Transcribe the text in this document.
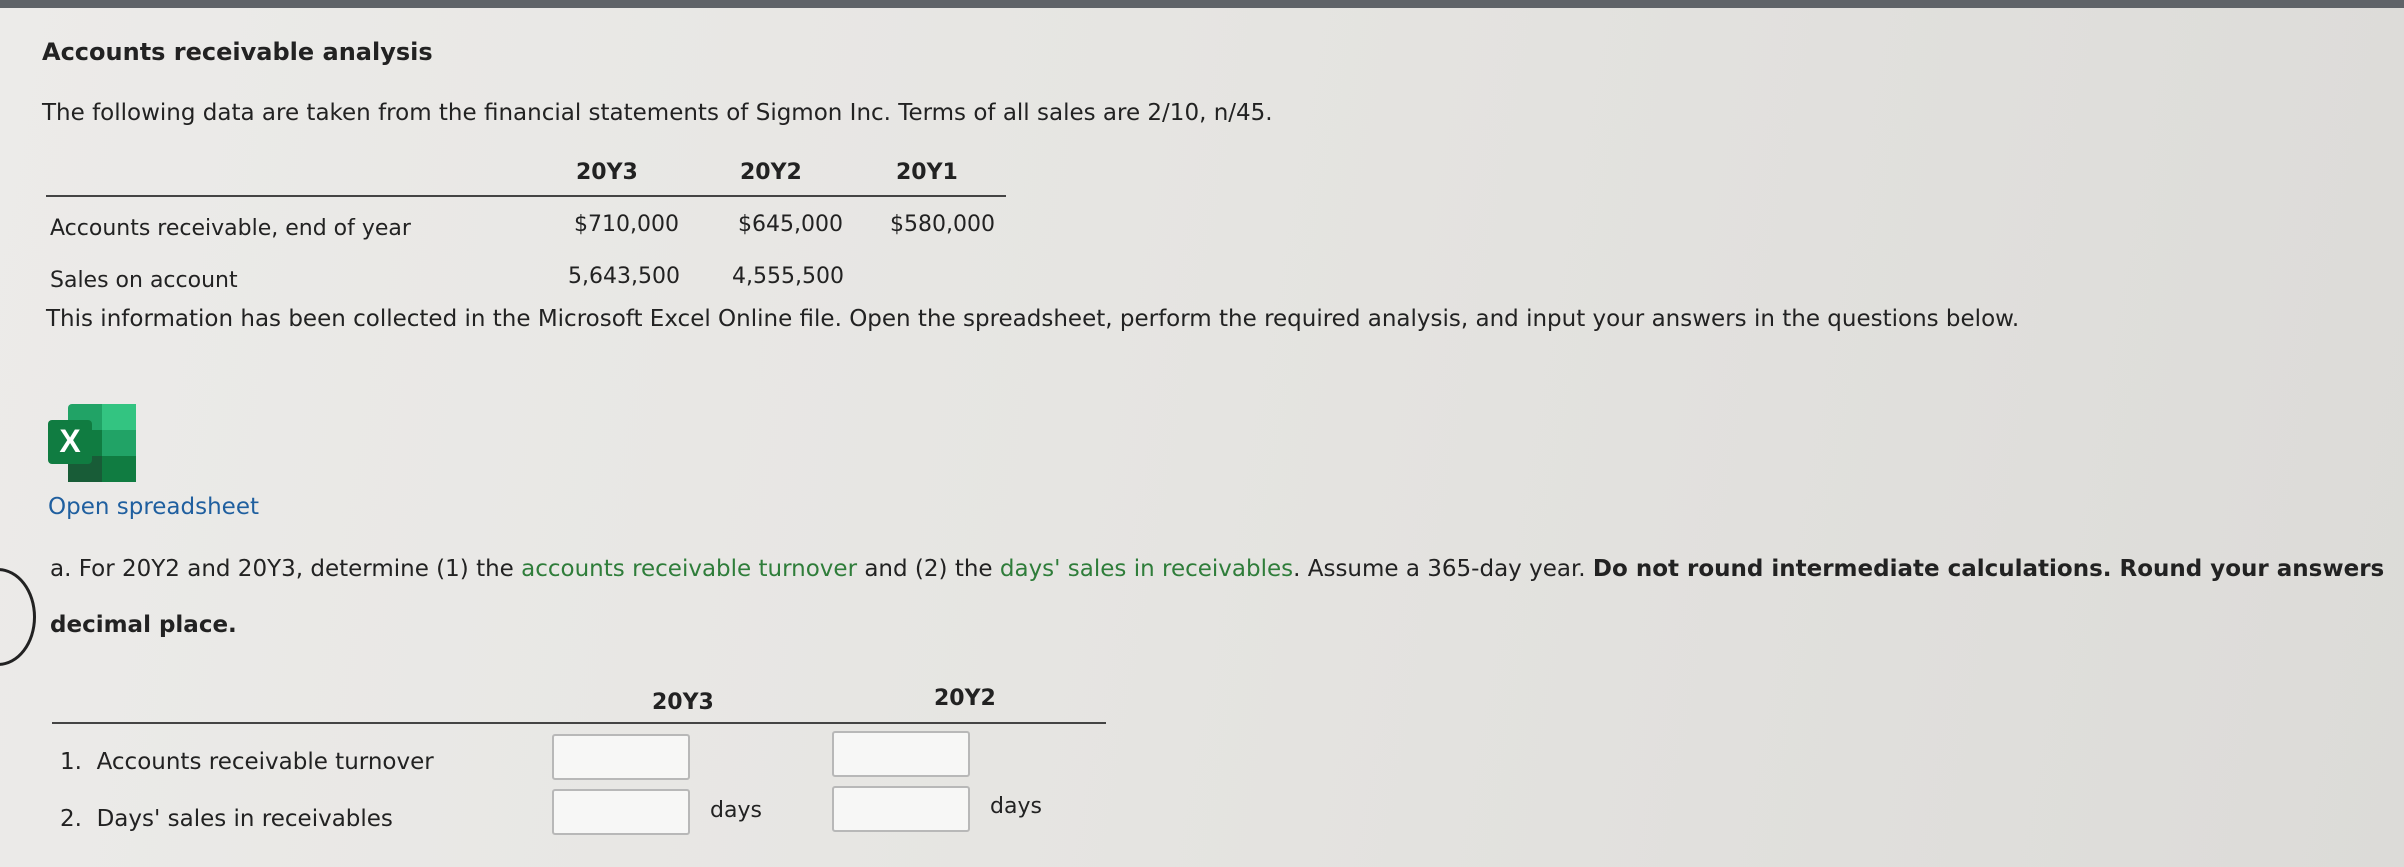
Accounts receivable analysis
The following data are taken from the financial statements of Sigmon Inc. Terms of all sales are 2/10, n/45.
20Y3	20Y2	20Y1
Accounts receivable, end of year	$710,000	$645,000 $580,000
Sales on account	5,643,500 4,555,500
This information has been collected in the Microsoft Excel Online file. Open the spreadsheet, perform the required analysis, and input your answers in the questions below.
X
Open spreadsheet
a. For 20Y2 and 20Y3, determine (1) the accounts receivable turnover and (2) the days' sales in receivables. Assume a 365-day year. Do not round intermediate calculations. Round your answers
decimal place.
20Y3	20Y2
1. Accounts receivable turnover
2. Days' sales in receivables	days	days
